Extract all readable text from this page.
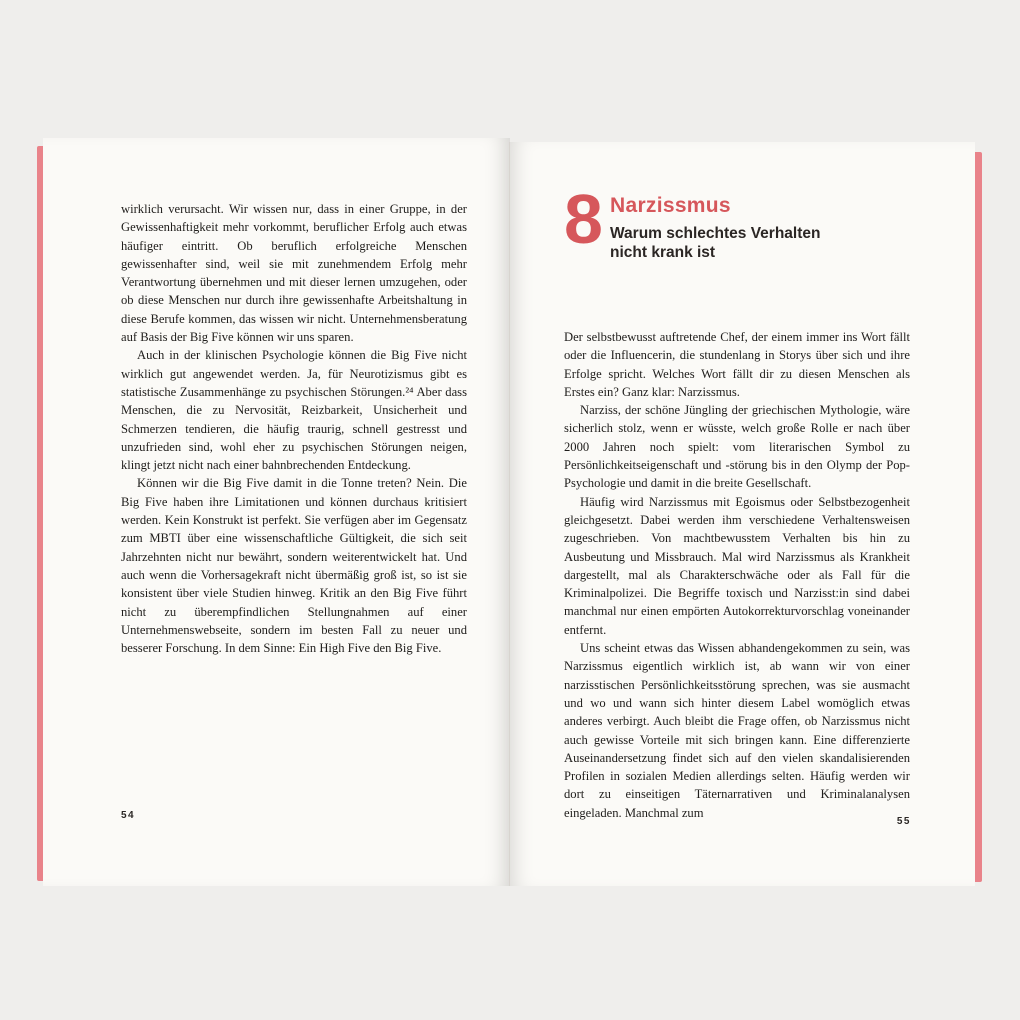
wirklich verursacht. Wir wissen nur, dass in einer Gruppe, in der Gewissenhaftigkeit mehr vorkommt, beruflicher Erfolg auch etwas häufiger eintritt. Ob beruflich erfolgreiche Menschen gewissenhafter sind, weil sie mit zunehmendem Erfolg mehr Verantwortung übernehmen und mit dieser lernen umzugehen, oder ob diese Menschen nur durch ihre gewissenhafte Arbeitshaltung in diese Berufe kommen, das wissen wir nicht. Unternehmensberatung auf Basis der Big Five können wir uns sparen.

Auch in der klinischen Psychologie können die Big Five nicht wirklich gut angewendet werden. Ja, für Neurotizismus gibt es statistische Zusammenhänge zu psychischen Störungen.²⁴ Aber dass Menschen, die zu Nervosität, Reizbarkeit, Unsicherheit und Schmerzen tendieren, die häufig traurig, schnell gestresst und unzufrieden sind, wohl eher zu psychischen Störungen neigen, klingt jetzt nicht nach einer bahnbrechenden Entdeckung.

Können wir die Big Five damit in die Tonne treten? Nein. Die Big Five haben ihre Limitationen und können durchaus kritisiert werden. Kein Konstrukt ist perfekt. Sie verfügen aber im Gegensatz zum MBTI über eine wissenschaftliche Gültigkeit, die sich seit Jahrzehnten nicht nur bewährt, sondern weiterentwickelt hat. Und auch wenn die Vorhersagekraft nicht übermäßig groß ist, so ist sie konsistent über viele Studien hinweg. Kritik an den Big Five führt nicht zu überempfindlichen Stellungnahmen auf einer Unternehmenswebseite, sondern im besten Fall zu neuer und besserer Forschung. In dem Sinne: Ein High Five den Big Five.

54
8 Narzissmus
Warum schlechtes Verhalten nicht krank ist

Der selbstbewusst auftretende Chef, der einem immer ins Wort fällt oder die Influencerin, die stundenlang in Storys über sich und ihre Erfolge spricht. Welches Wort fällt dir zu diesen Menschen als Erstes ein? Ganz klar: Narzissmus.

Narziss, der schöne Jüngling der griechischen Mythologie, wäre sicherlich stolz, wenn er wüsste, welch große Rolle er nach über 2000 Jahren noch spielt: vom literarischen Symbol zu Persönlichkeitseigenschaft und -störung bis in den Olymp der Pop-Psychologie und damit in die breite Gesellschaft.

Häufig wird Narzissmus mit Egoismus oder Selbstbezogenheit gleichgesetzt. Dabei werden ihm verschiedene Verhaltensweisen zugeschrieben. Von machtbewusstem Verhalten bis hin zu Ausbeutung und Missbrauch. Mal wird Narzissmus als Krankheit dargestellt, mal als Charakterschwäche oder als Fall für die Kriminalpolizei. Die Begriffe toxisch und Narzisst:in sind dabei manchmal nur einen empörten Autokorrekturvorschlag voneinander entfernt.

Uns scheint etwas das Wissen abhandengekommen zu sein, was Narzissmus eigentlich wirklich ist, ab wann wir von einer narzisstischen Persönlichkeitsstörung sprechen, was sie ausmacht und wo und wann sich hinter diesem Label womöglich etwas anderes verbirgt. Auch bleibt die Frage offen, ob Narzissmus nicht auch gewisse Vorteile mit sich bringen kann. Eine differenzierte Auseinandersetzung findet sich auf den vielen skandalisierenden Profilen in sozialen Medien allerdings selten. Häufig werden wir dort zu einseitigen Täternarrativen und Kriminalanalysen eingeladen. Manchmal zum

55
